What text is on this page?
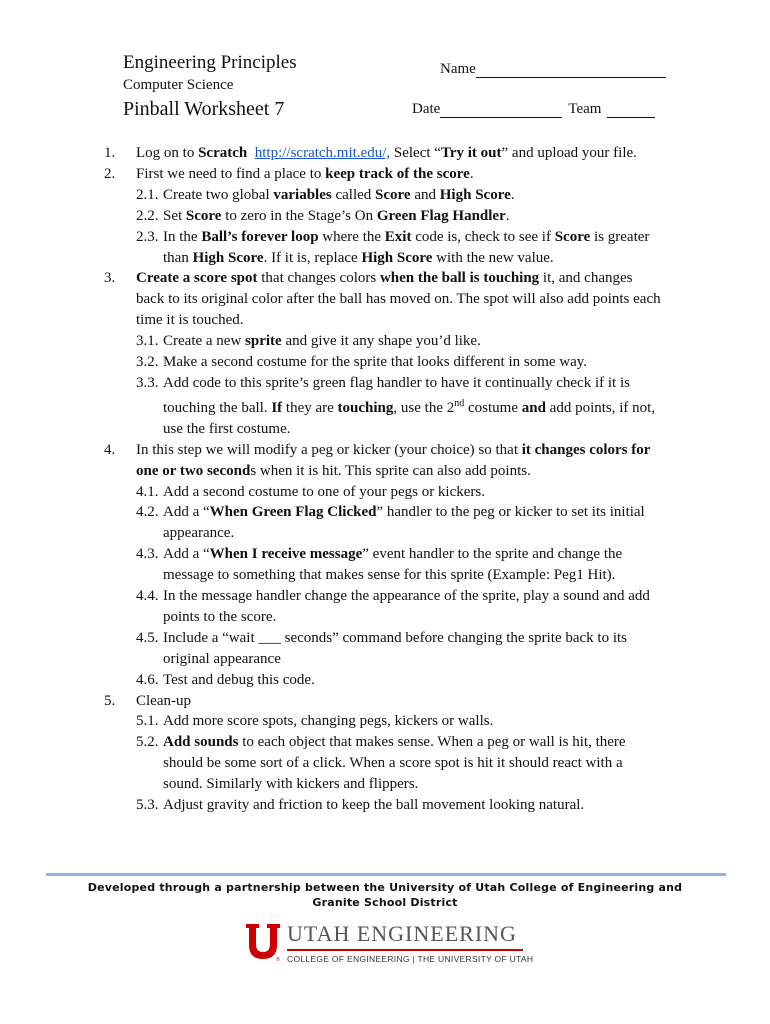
Engineering Principles
Computer Science
Pinball Worksheet 7
Name
Date	Team
1.	Log on to Scratch http://scratch.mit.edu/, Select “Try it out” and upload your file.
2.	First we need to find a place to keep track of the score.
2.1. Create two global variables called Score and High Score.
2.2. Set Score to zero in the Stage’s On Green Flag Handler.
2.3. In the Ball’s forever loop where the Exit code is, check to see if Score is greater than High Score. If it is, replace High Score with the new value.
3.	Create a score spot that changes colors when the ball is touching it, and changes back to its original color after the ball has moved on. The spot will also add points each time it is touched.
3.1. Create a new sprite and give it any shape you’d like.
3.2. Make a second costume for the sprite that looks different in some way.
3.3. Add code to this sprite’s green flag handler to have it continually check if it is touching the ball. If they are touching, use the 2nd costume and add points, if not, use the first costume.
4.	In this step we will modify a peg or kicker (your choice) so that it changes colors for one or two seconds when it is hit. This sprite can also add points.
4.1. Add a second costume to one of your pegs or kickers.
4.2. Add a “When Green Flag Clicked” handler to the peg or kicker to set its initial appearance.
4.3. Add a “When I receive message” event handler to the sprite and change the message to something that makes sense for this sprite (Example: Peg1 Hit).
4.4. In the message handler change the appearance of the sprite, play a sound and add points to the score.
4.5. Include a “wait ___ seconds” command before changing the sprite back to its original appearance
4.6. Test and debug this code.
5.	Clean-up
5.1. Add more score spots, changing pegs, kickers or walls.
5.2. Add sounds to each object that makes sense. When a peg or wall is hit, there should be some sort of a click. When a score spot is hit it should react with a sound. Similarly with kickers and flippers.
5.3. Adjust gravity and friction to keep the ball movement looking natural.
Developed through a partnership between the University of Utah College of Engineering and
Granite School District
®
UTAH ENGINEERING
COLLEGE OF ENGINEERING | THE UNIVERSITY OF UTAH
